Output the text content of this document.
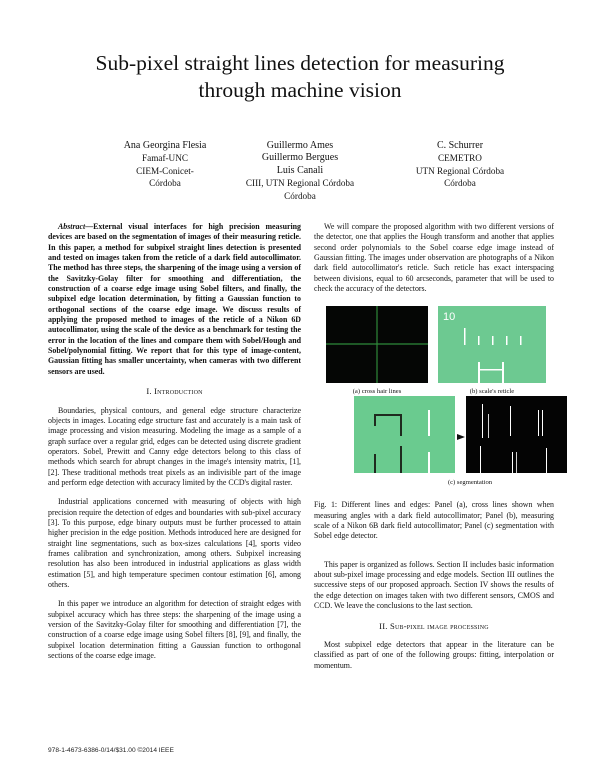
Sub-pixel straight lines detection for measuring
through machine vision
Ana Georgina Flesia
Famaf-UNC
CIEM-Conicet-
Córdoba
Guillermo Ames
Guillermo Bergues
Luis Canali
CIII, UTN Regional Córdoba
Córdoba
C. Schurrer
CEMETRO
UTN Regional Córdoba
Córdoba

Abstract—External visual interfaces for high precision measuring devices are based on the segmentation of images of their measuring reticle. In this paper, a method for subpixel straight lines detection is presented and tested on images taken from the reticle of a dark field autocollimator. The method has three steps, the sharpening of the image using a version of the Savitzky-Golay filter for smoothing and differentiation, the construction of a coarse edge image using Sobel filters, and finally, the subpixel edge location determination, by fitting a Gaussian function to orthogonal sections of the coarse edge image. We discuss results of applying the proposed method to images of the reticle of a Nikon 6D autocollimator, using the scale of the device as a benchmark for testing the error in the location of the lines and compare them with Sobel/Hough and Sobel/polynomial fitting. We report that for this type of image-content, Gaussian fitting has smaller uncertainty, when cameras with two different sensors are used.

I. Introduction

Boundaries, physical contours, and general edge structure characterize objects in images. Locating edge structure fast and accurately is a main task of image processing and vision measuring. Modeling the image as a sample of a graph surface over a regular grid, edges can be detected using discrete gradient operators. Sobel, Prewitt and Canny edge detectors belong to this class of methods which search for abrupt changes in the image's intensity matrix, [1], [2]. These traditional methods treat pixels as an indivisible part of the image and perform edge detection with accuracy limited by the CCD's digital raster.

Industrial applications concerned with measuring of objects with high precision require the detection of edges and boundaries with sub-pixel accuracy [3]. To this purpose, edge binary outputs must be further processed to attain higher precision in the edge position. Methods introduced here are designed for straight line segmentations, such as box-sizes calculations [4], sports video frames calibration and synchronization, among others. Subpixel increasing resolution has also been introduced in industrial applications as glass width estimation [5], and high temperature specimen contour estimation [6], among others.

In this paper we introduce an algorithm for detection of straight edges with subpixel accuracy which has three steps: the sharpening of the image using a version of the Savitzky-Golay filter for smoothing and differentiation [7], the construction of a coarse edge image using Sobel filters [8], [9], and finally, the subpixel location determination fitting a Gaussian function to orthogonal sections of the coarse edge image.

We will compare the proposed algorithm with two different versions of the detector, one that applies the Hough transform and another that applies second order polynomials to the Sobel coarse edge image instead of Gaussian fitting. The images under observation are photographs of a Nikon dark field autocollimator's reticle. Such reticle has exact interspacing between divisions, equal to 60 arcseconds, parameter that will be used to check the accuracy of the detectors.

10
(a) cross hair lines	(b) scale's reticle
(c) segmentation

Fig. 1: Different lines and edges: Panel (a), cross lines shown when measuring angles with a dark field autocollimator; Panel (b), measuring scale of a Nikon 6B dark field autocollimator; Panel (c) segmentation with Sobel edge detector.

This paper is organized as follows. Section II includes basic information about sub-pixel image processing and edge models. Section III outlines the successive steps of our proposed approach. Section IV shows the results of the edge detection on images taken with two different sensors, CMOS and CCD. We leave the conclusions to the last section.

II. Sub-pixel image processing

Most subpixel edge detectors that appear in the literature can be classified as part of one of the following groups: fitting, interpolation or momentum.

978-1-4673-6386-0/14/$31.00 ©2014 IEEE
